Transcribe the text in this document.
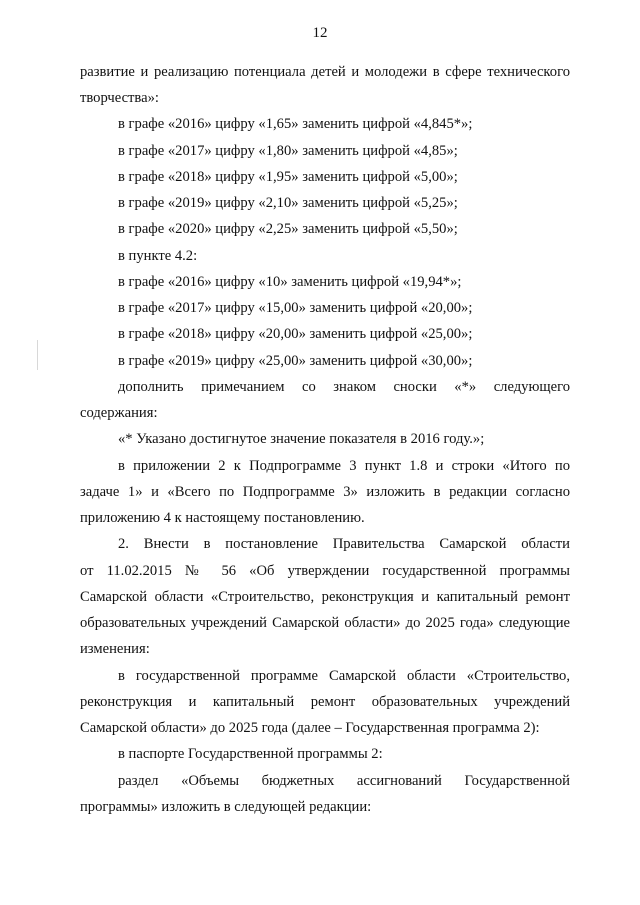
12
развитие и реализацию потенциала детей и молодежи в сфере технического
творчества»:
в графе «2016» цифру «1,65» заменить цифрой «4,845*»;
в графе «2017» цифру «1,80» заменить цифрой «4,85»;
в графе «2018» цифру «1,95» заменить цифрой «5,00»;
в графе «2019» цифру «2,10» заменить цифрой «5,25»;
в графе «2020» цифру «2,25» заменить цифрой «5,50»;
в пункте 4.2:
в графе «2016» цифру «10» заменить цифрой «19,94*»;
в графе «2017» цифру «15,00» заменить цифрой «20,00»;
в графе «2018» цифру «20,00» заменить цифрой «25,00»;
в графе «2019» цифру «25,00» заменить цифрой «30,00»;
дополнить примечанием со знаком сноски «*» следующего
содержания:
«* Указано достигнутое значение показателя в 2016 году.»;
в приложении 2 к Подпрограмме 3 пункт 1.8 и строки «Итого по
задаче 1» и «Всего по Подпрограмме 3» изложить в редакции согласно
приложению 4 к настоящему постановлению.
2. Внести в постановление Правительства Самарской области
от 11.02.2015 № 56 «Об утверждении государственной программы
Самарской области «Строительство, реконструкция и капитальный ремонт
образовательных учреждений Самарской области» до 2025 года» следующие
изменения:
в государственной программе Самарской области «Строительство,
реконструкция и капитальный ремонт образовательных учреждений
Самарской области» до 2025 года (далее – Государственная программа 2):
в паспорте Государственной программы 2:
раздел «Объемы бюджетных ассигнований Государственной
программы» изложить в следующей редакции:
